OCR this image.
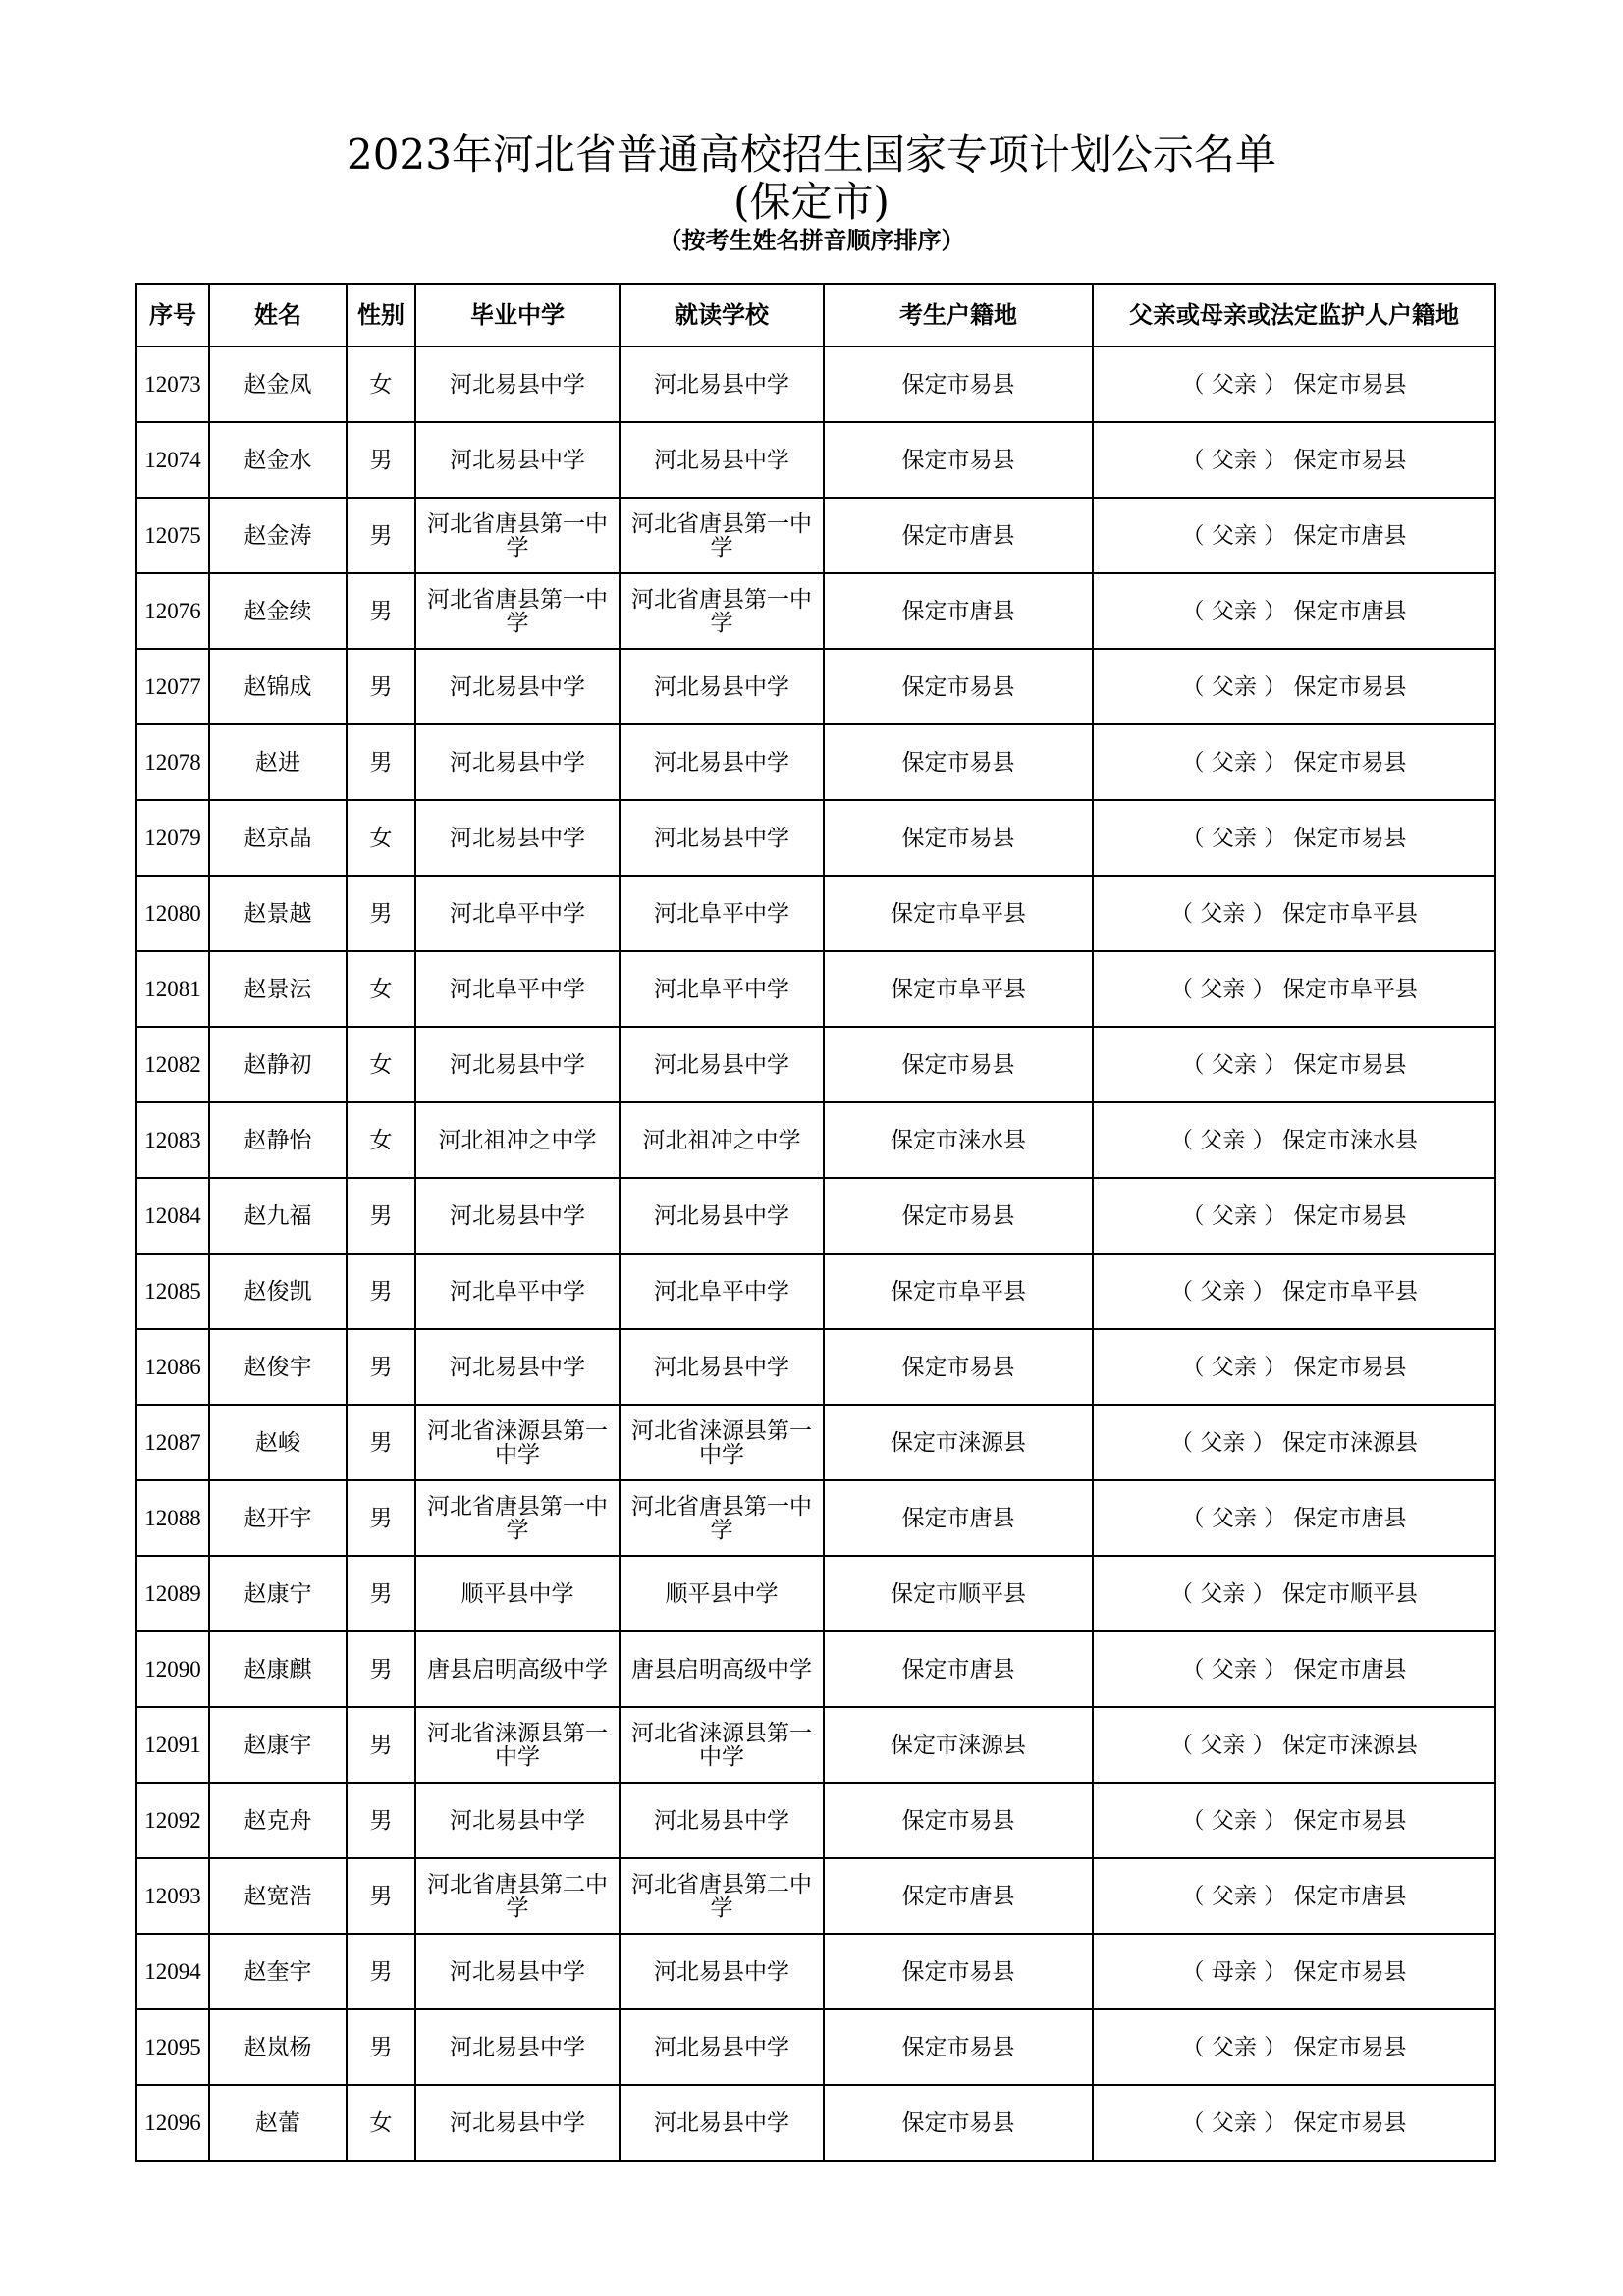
2023年河北省普通高校招生国家专项计划公示名单
(保定市)
（按考生姓名拼音顺序排序）
序号	姓名	性别	毕业中学	就读学校	考生户籍地	父亲或母亲或法定监护人户籍地
12073	赵金凤	女	河北易县中学	河北易县中学	保定市易县	（ 父亲 ） 保定市易县
12074	赵金水	男	河北易县中学	河北易县中学	保定市易县	（ 父亲 ） 保定市易县
12075	赵金涛	男	河北省唐县第一中学	河北省唐县第一中学	保定市唐县	（ 父亲 ） 保定市唐县
12076	赵金续	男	河北省唐县第一中学	河北省唐县第一中学	保定市唐县	（ 父亲 ） 保定市唐县
12077	赵锦成	男	河北易县中学	河北易县中学	保定市易县	（ 父亲 ） 保定市易县
12078	赵进	男	河北易县中学	河北易县中学	保定市易县	（ 父亲 ） 保定市易县
12079	赵京晶	女	河北易县中学	河北易县中学	保定市易县	（ 父亲 ） 保定市易县
12080	赵景越	男	河北阜平中学	河北阜平中学	保定市阜平县	（ 父亲 ） 保定市阜平县
12081	赵景沄	女	河北阜平中学	河北阜平中学	保定市阜平县	（ 父亲 ） 保定市阜平县
12082	赵静初	女	河北易县中学	河北易县中学	保定市易县	（ 父亲 ） 保定市易县
12083	赵静怡	女	河北祖冲之中学	河北祖冲之中学	保定市涞水县	（ 父亲 ） 保定市涞水县
12084	赵九福	男	河北易县中学	河北易县中学	保定市易县	（ 父亲 ） 保定市易县
12085	赵俊凯	男	河北阜平中学	河北阜平中学	保定市阜平县	（ 父亲 ） 保定市阜平县
12086	赵俊宇	男	河北易县中学	河北易县中学	保定市易县	（ 父亲 ） 保定市易县
12087	赵峻	男	河北省涞源县第一中学	河北省涞源县第一中学	保定市涞源县	（ 父亲 ） 保定市涞源县
12088	赵开宇	男	河北省唐县第一中学	河北省唐县第一中学	保定市唐县	（ 父亲 ） 保定市唐县
12089	赵康宁	男	顺平县中学	顺平县中学	保定市顺平县	（ 父亲 ） 保定市顺平县
12090	赵康麒	男	唐县启明高级中学	唐县启明高级中学	保定市唐县	（ 父亲 ） 保定市唐县
12091	赵康宇	男	河北省涞源县第一中学	河北省涞源县第一中学	保定市涞源县	（ 父亲 ） 保定市涞源县
12092	赵克舟	男	河北易县中学	河北易县中学	保定市易县	（ 父亲 ） 保定市易县
12093	赵宽浩	男	河北省唐县第二中学	河北省唐县第二中学	保定市唐县	（ 父亲 ） 保定市唐县
12094	赵奎宇	男	河北易县中学	河北易县中学	保定市易县	（ 母亲 ） 保定市易县
12095	赵岚杨	男	河北易县中学	河北易县中学	保定市易县	（ 父亲 ） 保定市易县
12096	赵蕾	女	河北易县中学	河北易县中学	保定市易县	（ 父亲 ） 保定市易县
